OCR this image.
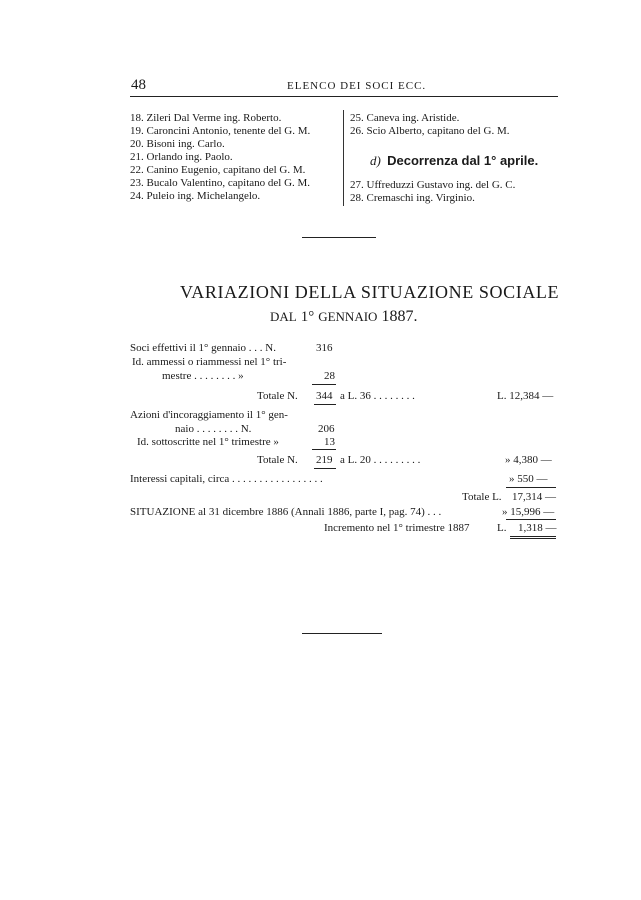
48	ELENCO DEI SOCI ECC.
18. Zileri Dal Verme ing. Roberto.
19. Caroncini Antonio, tenente del G. M.
20. Bisoni ing. Carlo.
21. Orlando ing. Paolo.
22. Canino Eugenio, capitano del G. M.
23. Bucalo Valentino, capitano del G. M.
24. Puleio ing. Michelangelo.
25. Caneva ing. Aristide.
26. Scio Alberto, capitano del G. M.
d) Decorrenza dal 1° aprile.
27. Uffreduzzi Gustavo ing. del G. C.
28. Cremaschi ing. Virginio.
VARIAZIONI DELLA SITUAZIONE SOCIALE
DAL 1° GENNAIO 1887.
Soci effettivi il 1° gennaio . . . N.	316
Id. ammessi o riammessi nel 1° tri-
mestre . . . . . . . . »	28
Totale N. 344 a L. 36 . . . . . . . .	L. 12,384 —
Azioni d'incoraggiamento il 1° gen-
naio . . . . . . . . N.	206
Id. sottoscritte nel 1° trimestre »	13
Totale N. 219 a L. 20 . . . . . . . . .	» 4,380 —
Interessi capitali, circa . . . . . . . . . . . . . . . . .	» 550 —
Totale L. 17,314 —
SITUAZIONE al 31 dicembre 1886 (Annali 1886, parte I, pag. 74) . . .	» 15,996 —
Incremento nel 1° trimestre 1887 L. 1,318 —
